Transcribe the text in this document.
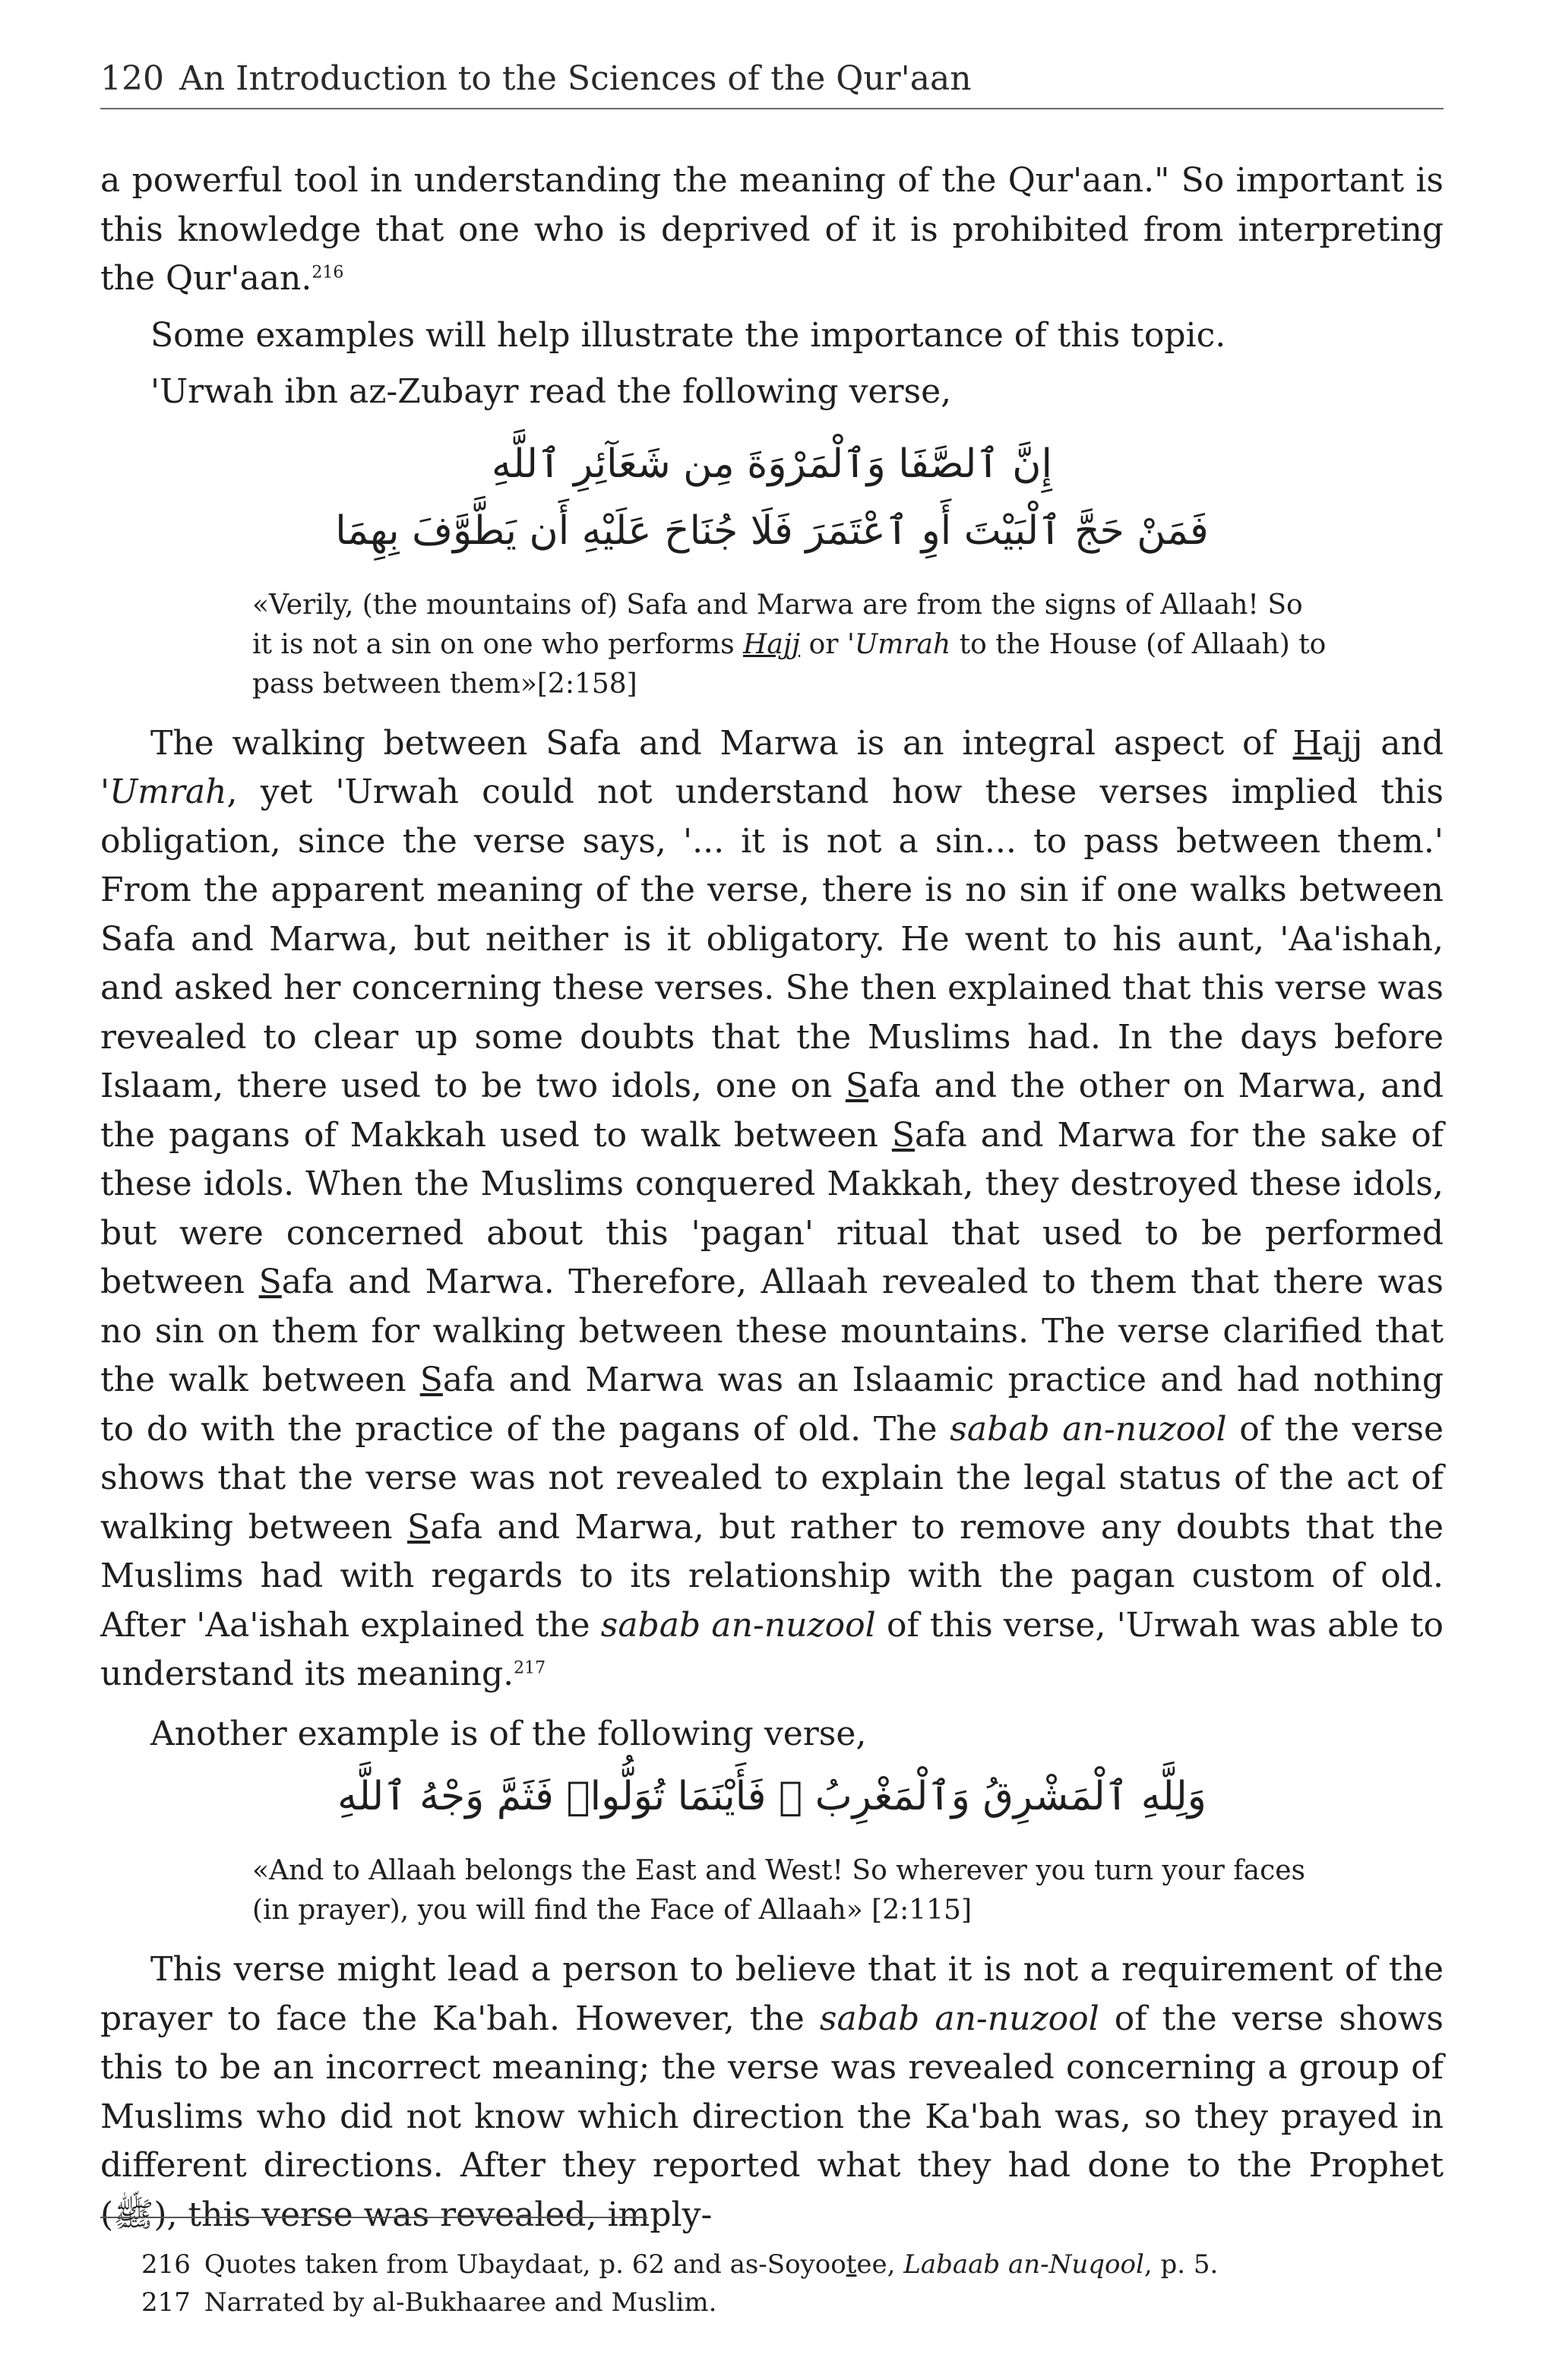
120 An Introduction to the Sciences of the Qur'aan

a powerful tool in understanding the meaning of the Qur'aan." So important is this knowledge that one who is deprived of it is prohibited from interpreting the Qur'aan.$^{216}$

Some examples will help illustrate the importance of this topic.

'Urwah ibn az-Zubayr read the following verse,

إِنَّ ٱلصَّفَا وَٱلْمَرْوَةَ مِن شَعَآئِرِ ٱللَّهِ
فَمَنْ حَجَّ ٱلْبَيْتَ أَوِ ٱعْتَمَرَ فَلَا جُنَاحَ عَلَيْهِ أَن يَطَّوَّفَ بِهِمَا
«Verily, (the mountains of) Safa and Marwa are from the signs of Allaah! So it is not a sin on one who performs Hajj or 'Umrah to the House (of Allaah) to pass between them»[2:158]

The walking between Safa and Marwa is an integral aspect of Hajj and 'Umrah, yet 'Urwah could not understand how these verses implied this obligation, since the verse says, '... it is not a sin... to pass between them.' From the apparent meaning of the verse, there is no sin if one walks between Safa and Marwa, but neither is it obligatory. He went to his aunt, 'Aa'ishah, and asked her concerning these verses. She then explained that this verse was revealed to clear up some doubts that the Muslims had. In the days before Islaam, there used to be two idols, one on Safa and the other on Marwa, and the pagans of Makkah used to walk between Safa and Marwa for the sake of these idols. When the Muslims conquered Makkah, they destroyed these idols, but were concerned about this 'pagan' ritual that used to be performed between Safa and Marwa. Therefore, Allaah revealed to them that there was no sin on them for walking between these mountains. The verse clarified that the walk between Safa and Marwa was an Islaamic practice and had nothing to do with the practice of the pagans of old. The sabab an-nuzool of the verse shows that the verse was not revealed to explain the legal status of the act of walking between Safa and Marwa, but rather to remove any doubts that the Muslims had with regards to its relationship with the pagan custom of old. After 'Aa'ishah explained the sabab an-nuzool of this verse, 'Urwah was able to understand its meaning.$^{217}$

Another example is of the following verse,

وَلِلَّهِ ٱلْمَشْرِقُ وَٱلْمَغْرِبُ ۚ فَأَيْنَمَا تُوَلُّوا۟ فَثَمَّ وَجْهُ ٱللَّهِ
«And to Allaah belongs the East and West! So wherever you turn your faces (in prayer), you will find the Face of Allaah» [2:115]

This verse might lead a person to believe that it is not a requirement of the prayer to face the Ka'bah. However, the sabab an-nuzool of the verse shows this to be an incorrect meaning; the verse was revealed concerning a group of Muslims who did not know which direction the Ka'bah was, so they prayed in different directions. After they reported what they had done to the Prophet (ﷺ), this verse was revealed, imply-

216 Quotes taken from Ubaydaat, p. 62 and as-Soyootee, Labaab an-Nuqool, p. 5.
217 Narrated by al-Bukhaaree and Muslim.
